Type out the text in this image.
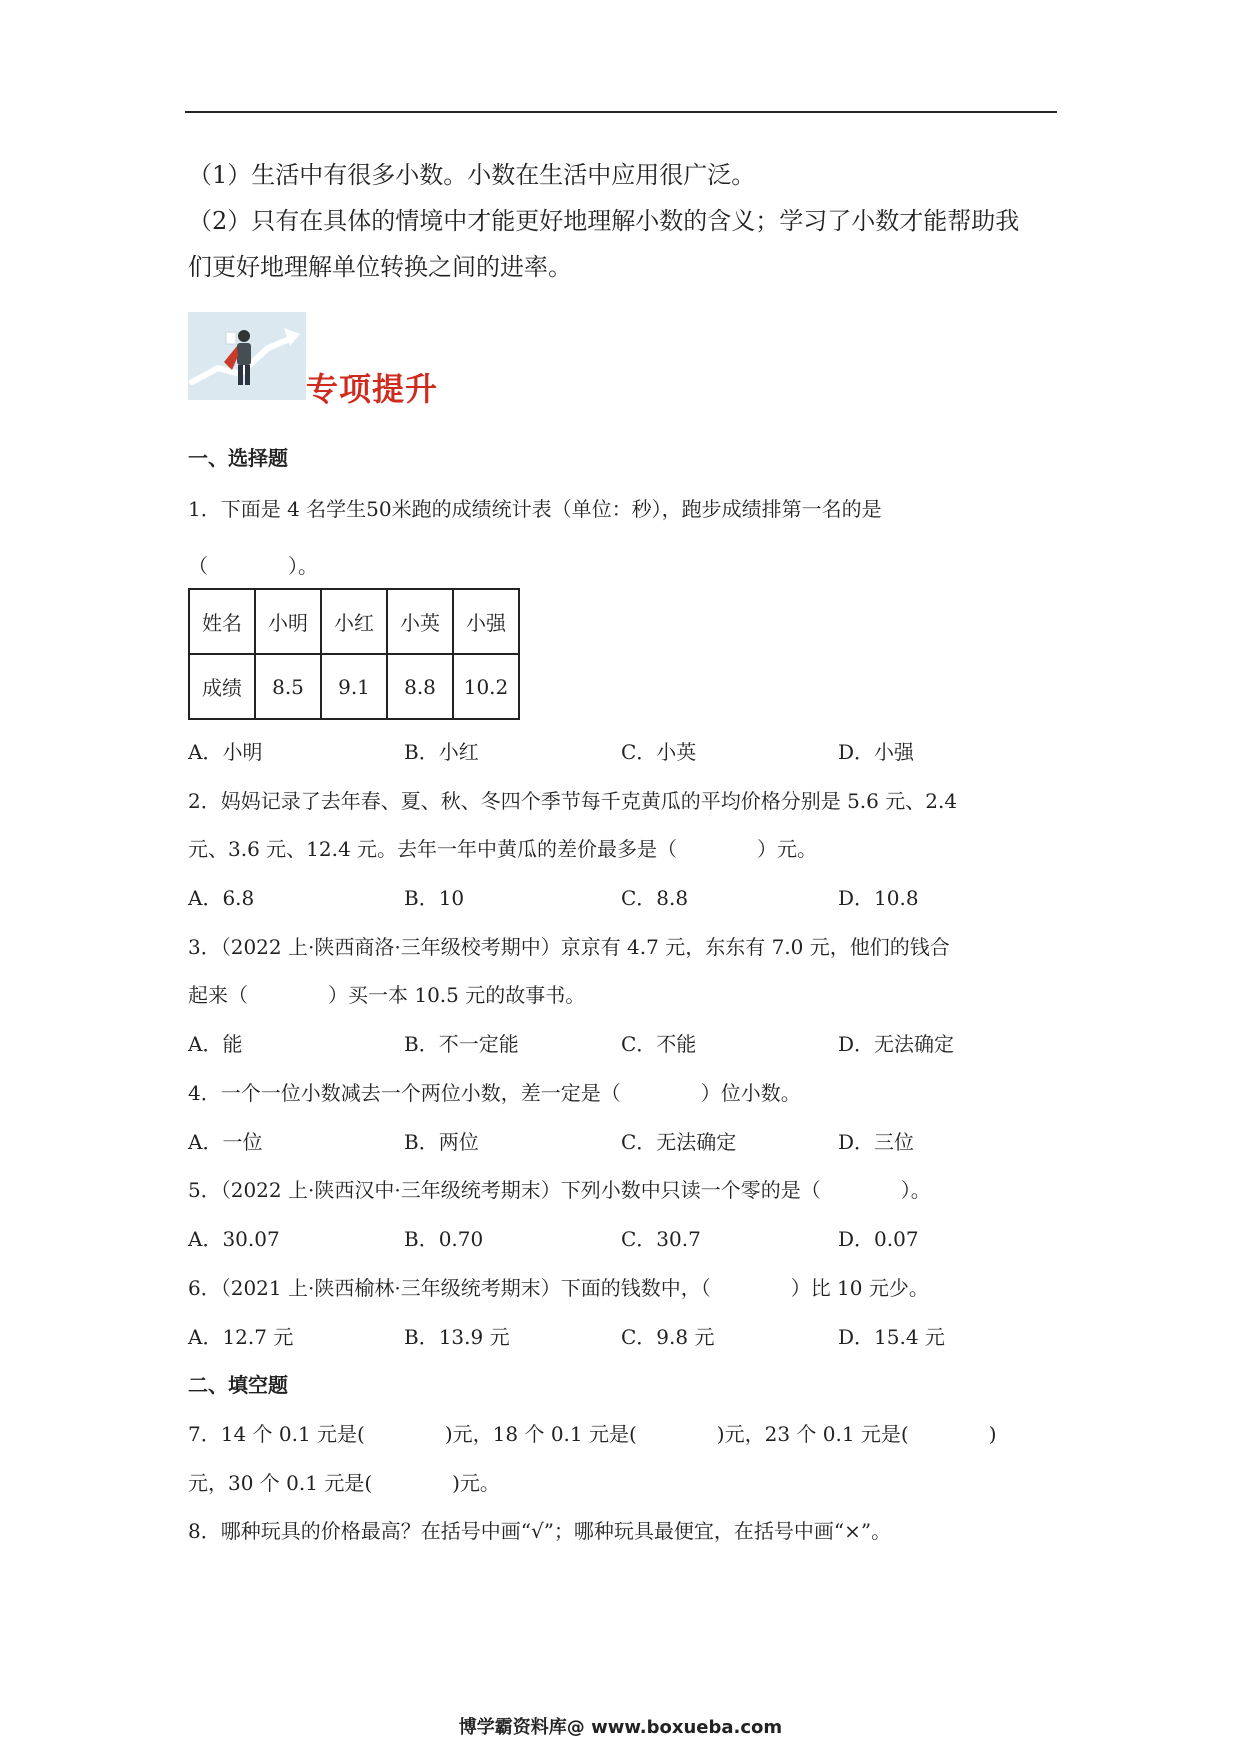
（1）生活中有很多小数。小数在生活中应用很广泛。
（2）只有在具体的情境中才能更好地理解小数的含义；学习了小数才能帮助我
们更好地理解单位转换之间的进率。
专项提升
一、选择题
1．下面是 4 名学生50米跑的成绩统计表（单位：秒），跑步成绩排第一名的是
（　　　　）。
姓名	小明	小红	小英	小强
成绩	8.5	9.1	8.8	10.2
A．小明	B．小红	C．小英	D．小强
2．妈妈记录了去年春、夏、秋、冬四个季节每千克黄瓜的平均价格分别是 5.6 元、2.4
元、3.6 元、12.4 元。去年一年中黄瓜的差价最多是（　　　　）元。
A．6.8	B．10	C．8.8	D．10.8
3．（2022 上·陕西商洛·三年级校考期中）京京有 4.7 元，东东有 7.0 元，他们的钱合
起来（　　　　）买一本 10.5 元的故事书。
A．能	B．不一定能	C．不能	D．无法确定
4．一个一位小数减去一个两位小数，差一定是（　　　　）位小数。
A．一位	B．两位	C．无法确定	D．三位
5．（2022 上·陕西汉中·三年级统考期末）下列小数中只读一个零的是（　　　　）。
A．30.07	B．0.70	C．30.7	D．0.07
6．（2021 上·陕西榆林·三年级统考期末）下面的钱数中，（　　　　）比 10 元少。
A．12.7 元	B．13.9 元	C．9.8 元	D．15.4 元
二、填空题
7．14 个 0.1 元是(　　　　)元，18 个 0.1 元是(　　　　)元，23 个 0.1 元是(　　　　)
元，30 个 0.1 元是(　　　　)元。
8．哪种玩具的价格最高？在括号中画“√”；哪种玩具最便宜，在括号中画“×”。
博学霸资料库@ www.boxueba.com
